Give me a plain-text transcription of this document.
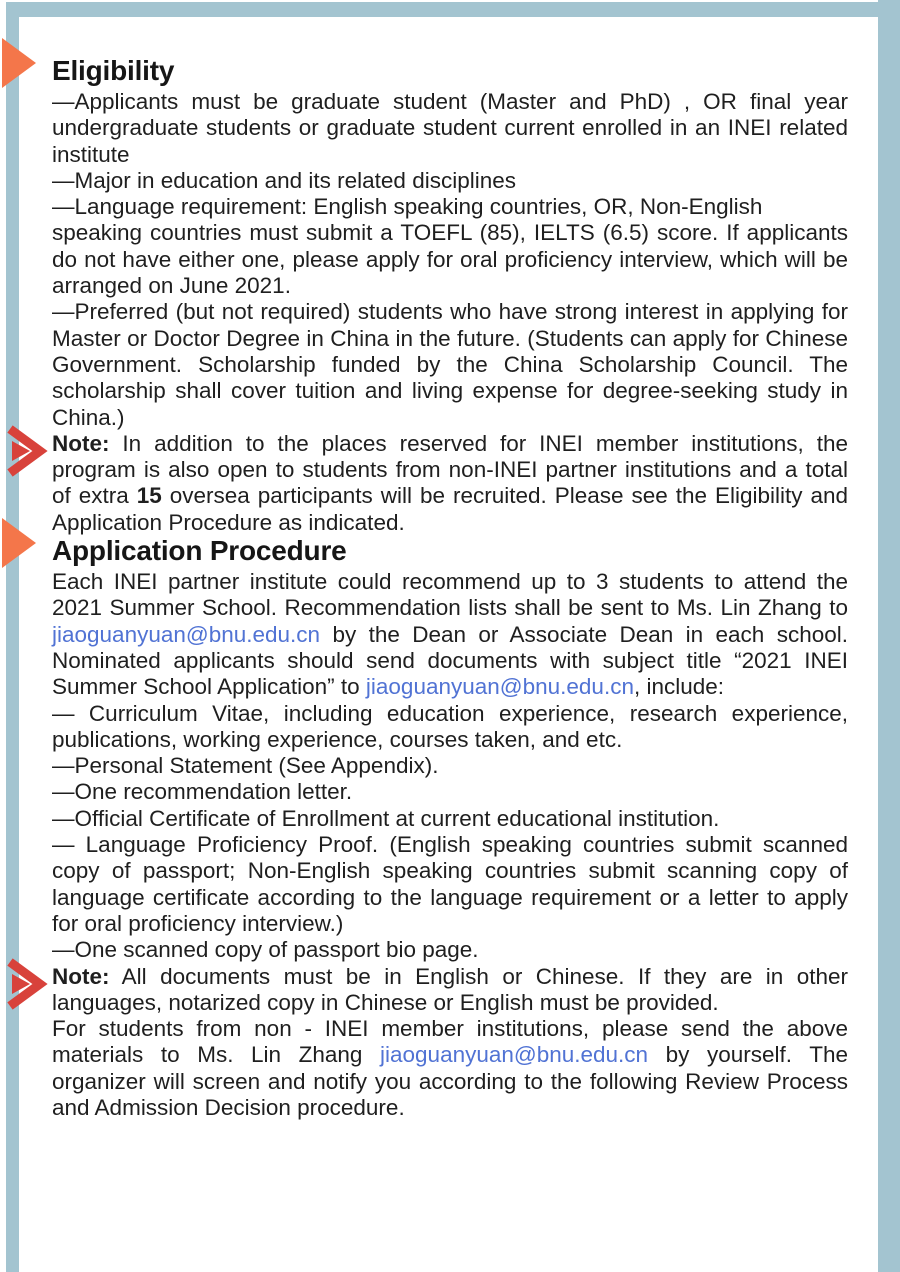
Eligibility

—Applicants must be graduate student (Master and PhD) , OR final year undergraduate students or graduate student current enrolled in an INEI related institute

—Major in education and its related disciplines

—Language requirement: English speaking countries, OR, Non-English
speaking countries must submit a TOEFL (85), IELTS (6.5) score. If applicants do not have either one, please apply for oral proficiency interview, which will be arranged on June 2021.

—Preferred (but not required) students who have strong interest in applying for Master or Doctor Degree in China in the future. (Students can apply for Chinese Government. Scholarship funded by the China Scholarship Council. The scholarship shall cover tuition and living expense for degree-seeking study in China.)

Note: In addition to the places reserved for INEI member institutions, the program is also open to students from non-INEI partner institutions and a total of extra 15 oversea participants will be recruited. Please see the Eligibility and Application Procedure as indicated.

Application Procedure

Each INEI partner institute could recommend up to 3 students to attend the 2021 Summer School. Recommendation lists shall be sent to Ms. Lin Zhang to jiaoguanyuan@bnu.edu.cn by the Dean or Associate Dean in each school. Nominated applicants should send documents with subject title “2021 INEI Summer School Application” to jiaoguanyuan@bnu.edu.cn, include:

— Curriculum Vitae, including education experience, research experience, publications, working experience, courses taken, and etc.

—Personal Statement (See Appendix).

—One recommendation letter.

—Official Certificate of Enrollment at current educational institution.

— Language Proficiency Proof. (English speaking countries submit scanned copy of passport; Non-English speaking countries submit scanning copy of language certificate according to the language requirement or a letter to apply for oral proficiency interview.)

—One scanned copy of passport bio page.

Note: All documents must be in English or Chinese. If they are in other languages, notarized copy in Chinese or English must be provided.
For students from non - INEI member institutions, please send the above materials to Ms. Lin Zhang jiaoguanyuan@bnu.edu.cn by yourself. The organizer will screen and notify you according to the following Review Process and Admission Decision procedure.
